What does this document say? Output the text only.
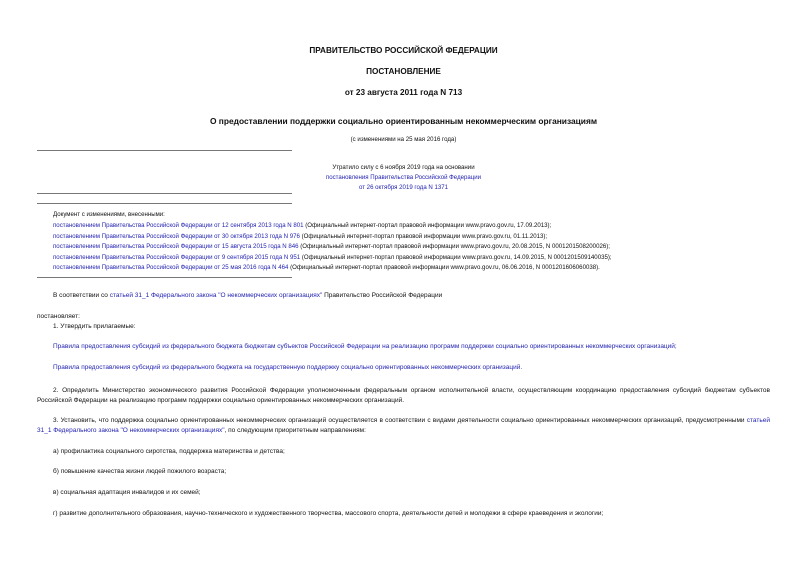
ПРАВИТЕЛЬСТВО РОССИЙСКОЙ ФЕДЕРАЦИИ
ПОСТАНОВЛЕНИЕ
от 23 августа 2011 года N 713
О предоставлении поддержки социально ориентированным некоммерческим организациям
(с изменениями на 25 мая 2016 года)
Утратило силу с 6 ноября 2019 года на основании
постановления Правительства Российской Федерации
от 26 октября 2019 года N 1371
Документ с изменениями, внесенными:
постановлением Правительства Российской Федерации от 12 сентября 2013 года N 801 (Официальный интернет-портал правовой информации www.pravo.gov.ru, 17.09.2013);
постановлением Правительства Российской Федерации от 30 октября 2013 года N 976 (Официальный интернет-портал правовой информации www.pravo.gov.ru, 01.11.2013);
постановлением Правительства Российской Федерации от 15 августа 2015 года N 846 (Официальный интернет-портал правовой информации www.pravo.gov.ru, 20.08.2015, N 0001201508200026);
постановлением Правительства Российской Федерации от 9 сентября 2015 года N 951 (Официальный интернет-портал правовой информации www.pravo.gov.ru, 14.09.2015, N 0001201509140035);
постановлением Правительства Российской Федерации от 25 мая 2016 года N 464 (Официальный интернет-портал правовой информации www.pravo.gov.ru, 06.06.2016, N 0001201606060038).
В соответствии со статьей 31_1 Федерального закона "О некоммерческих организациях" Правительство Российской Федерации
постановляет:
1. Утвердить прилагаемые:
Правила предоставления субсидий из федерального бюджета бюджетам субъектов Российской Федерации на реализацию программ поддержки социально ориентированных некоммерческих организаций;
Правила предоставления субсидий из федерального бюджета на государственную поддержку социально ориентированных некоммерческих организаций.
2. Определить Министерство экономического развития Российской Федерации уполномоченным федеральным органом исполнительной власти, осуществляющим координацию предоставления субсидий бюджетам субъектов Российской Федерации на реализацию программ поддержки социально ориентированных некоммерческих организаций.
3. Установить, что поддержка социально ориентированных некоммерческих организаций осуществляется в соответствии с видами деятельности социально ориентированных некоммерческих организаций, предусмотренными статьей 31_1 Федерального закона "О некоммерческих организациях", по следующим приоритетным направлениям:
а) профилактика социального сиротства, поддержка материнства и детства;
б) повышение качества жизни людей пожилого возраста;
в) социальная адаптация инвалидов и их семей;
г) развитие дополнительного образования, научно-технического и художественного творчества, массового спорта, деятельности детей и молодежи в сфере краеведения и экологии;
